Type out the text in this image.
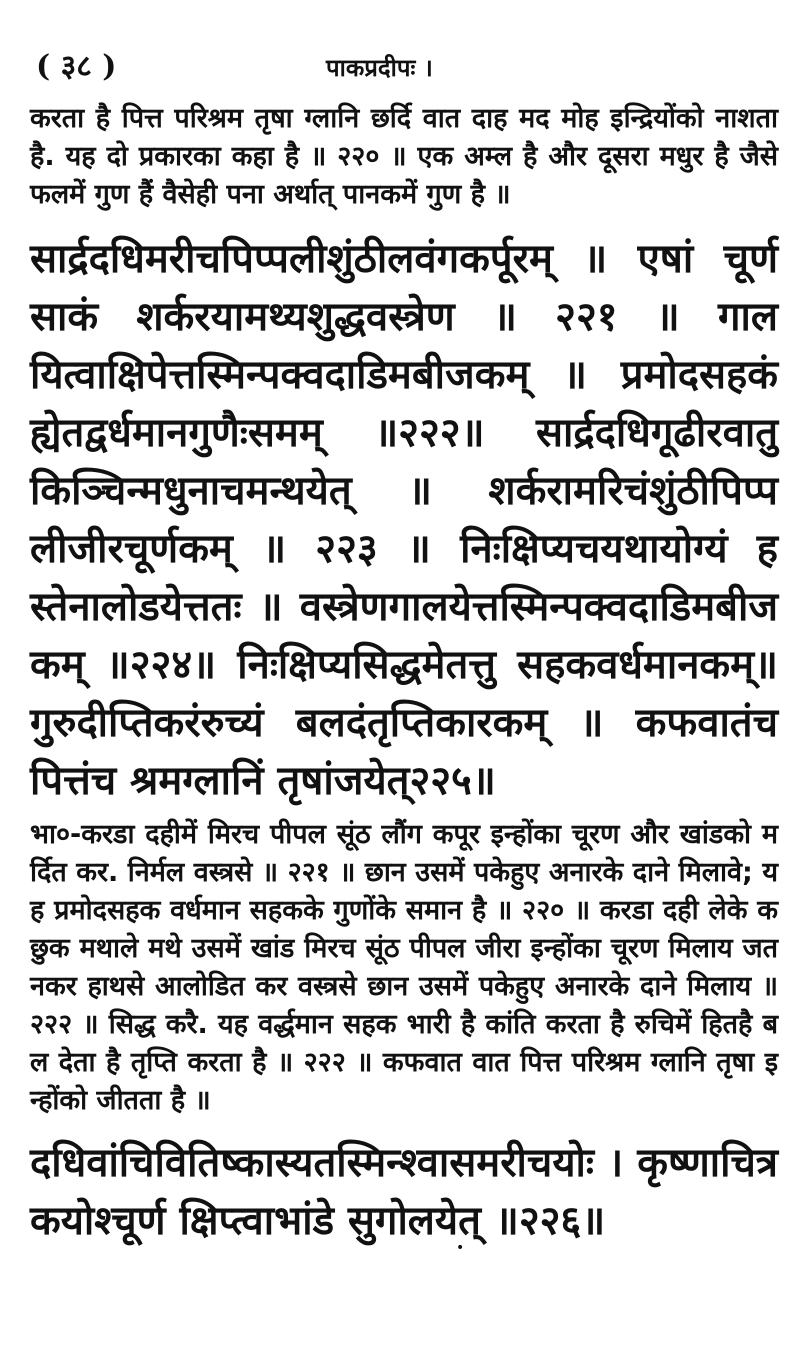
( ३८ )	पाकप्रदीपः ।

करता है पित्त परिश्रम तृषा ग्लानि छर्दि वात दाह मद मोह इन्द्रियोंको नाशता है. यह दो प्रकारका कहा है ॥ २२० ॥ एक अम्ल है और दूसरा मधुर है जैसे फलमें गुण हैं वैसेही पना अर्थात् पानकमें गुण है ॥

सार्द्रदधिमरीचपिप्पलीशुंठीलवंगकर्पूरम् ॥ एषां चूर्णसाकं शर्करयामथ्यशुद्धवस्त्रेण ॥ २२१ ॥ गालयित्वाक्षिपेत्तस्मिन्पक्वदाडिमबीजकम् ॥ प्रमोदसहकं ह्येतद्वर्धमानगुणैःसमम् ॥२२२॥ सार्द्रदधिगूढीरवातु किञ्चिन्मधुनाचमन्थयेत् ॥ शर्करामरिचंशुंठीपिप्पलीजीरचूर्णकम् ॥ २२३ ॥ निःक्षिप्यचयथायोग्यं हस्तेनालोडयेत्ततः ॥ वस्त्रेणगालयेत्तस्मिन्पक्वदाडिमबीजकम् ॥२२४॥ निःक्षिप्यसिद्धमेतत्तु सहकवर्धमानकम्॥ गुरुदीप्तिकरंरुच्यं बलदंतृप्तिकारकम् ॥ कफवातंचपित्तंच श्रमग्लानिं तृषांजयेत्२२५॥

भा०-करडा दहीमें मिरच पीपल सूंठ लौंग कपूर इन्होंका चूरण और खांडको मर्दित कर. निर्मल वस्त्रसे ॥ २२१ ॥ छान उसमें पकेहुए अनारके दाने मिलावे; यह प्रमोदसहक वर्धमान सहकके गुणोंके समान है ॥ २२० ॥ करडा दही लेके कछुक मथाले मथे उसमें खांड मिरच सूंठ पीपल जीरा इन्होंका चूरण मिलाय जतनकर हाथसे आलोडित कर वस्त्रसे छान उसमें पकेहुए अनारके दाने मिलाय ॥ २२२ ॥ सिद्ध करै. यह वर्द्धमान सहक भारी है कांति करता है रुचिमें हितहै बल देता है तृप्ति करता है ॥ २२२ ॥ कफवात वात पित्त परिश्रम ग्लानि तृषा इन्होंको जीतता है ॥

दधिवांचिवितिष्कास्यतस्मिन्श्वासमरीचयोः । कृष्णाचित्रकयोश्चूर्ण क्षिप्त्वाभांडे सुगोलयेत् ॥२२६॥

•
